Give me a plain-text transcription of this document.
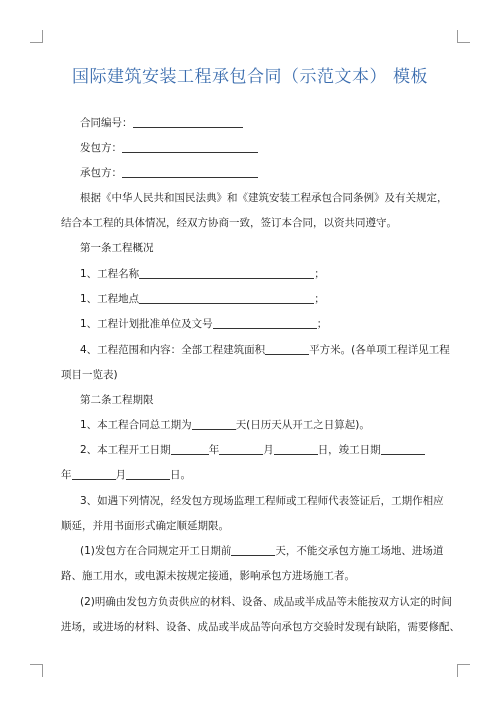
国际建筑安装工程承包合同（示范文本） 模板
合同编号：
发包方：
承包方：
根据《中华人民共和国民法典》和《建筑安装工程承包合同条例》及有关规定，
结合本工程的具体情况，经双方协商一致，签订本合同，以资共同遵守。
第一条工程概况
1、工程名称	；
1、工程地点	；
1、工程计划批准单位及文号	；
4、工程范围和内容：全部工程建筑面积	平方米。(各单项工程详见工程
项目一览表)
第二条工程期限
1、本工程合同总工期为	天(日历天从开工之日算起)。
2、本工程开工日期	年	月	日，竣工日期
年	月	日。
3、如遇下列情况，经发包方现场监理工程师或工程师代表签证后，工期作相应
顺延，并用书面形式确定顺延期限。
(1)发包方在合同规定开工日期前	天，不能交承包方施工场地、进场道
路、施工用水，或电源未按规定接通，影响承包方进场施工者。
(2)明确由发包方负责供应的材料、设备、成品或半成品等未能按双方认定的时间
进场，或进场的材料、设备、成品或半成品等向承包方交验时发现有缺陷，需要修配、
